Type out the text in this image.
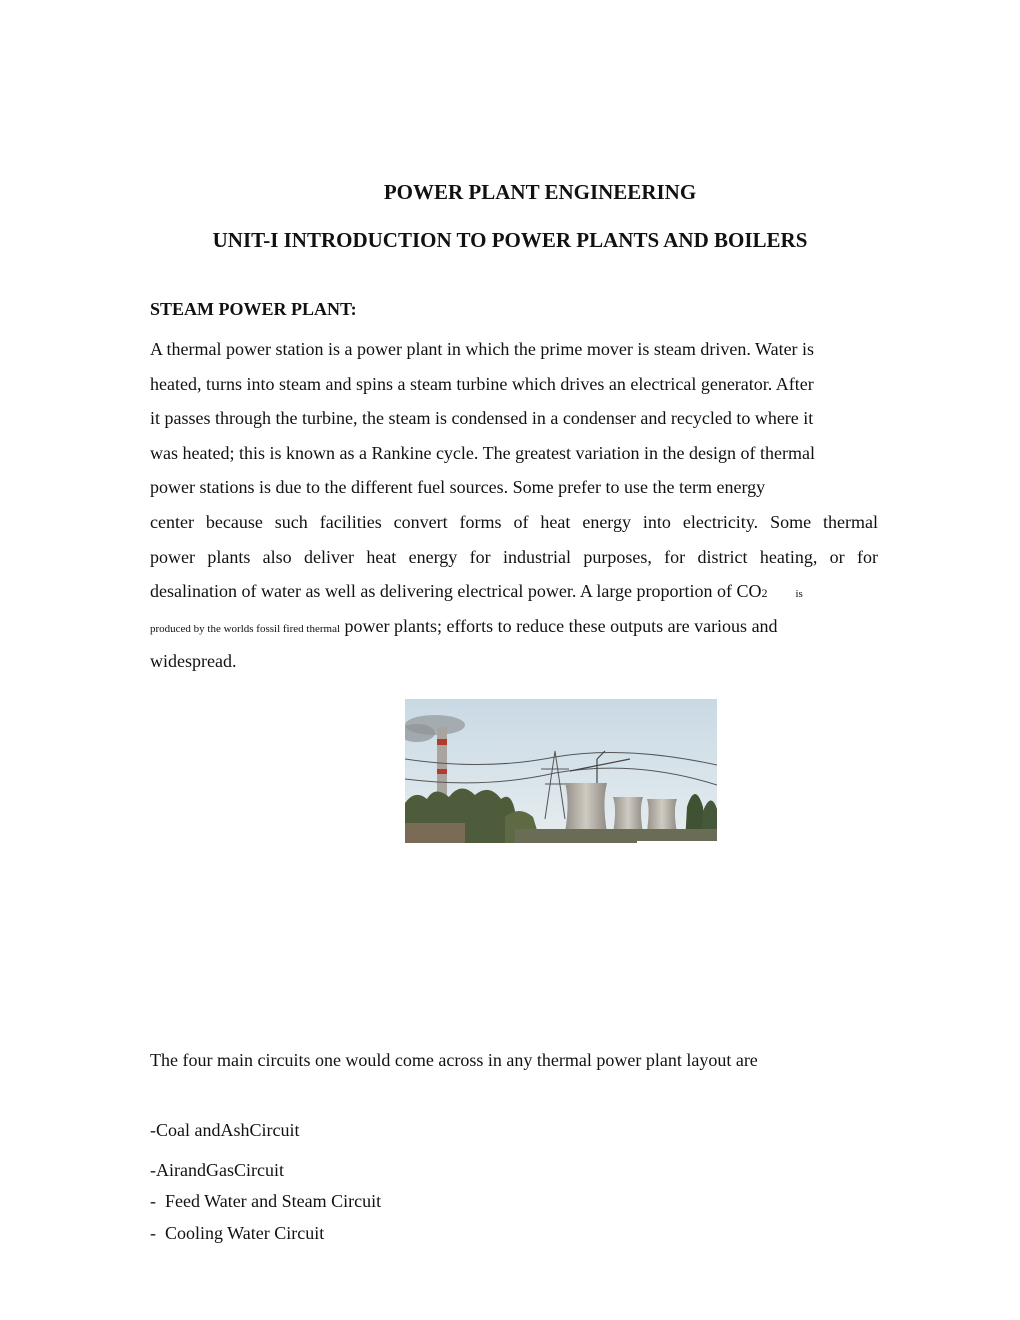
POWER PLANT ENGINEERING
UNIT-I INTRODUCTION TO POWER PLANTS AND BOILERS
STEAM POWER PLANT:

A thermal power station is a power plant in which the prime mover is steam driven. Water is

heated, turns into steam and spins a steam turbine which drives an electrical generator. After

it passes through the turbine, the steam is condensed in a condenser and recycled to where it

was heated; this is known as a Rankine cycle. The greatest variation in the design of thermal

power stations is due to the different fuel sources. Some prefer to use the term energy

center because such facilities convert forms of heat energy into electricity. Some thermal

power plants also deliver heat energy for industrial purposes, for district heating, or for

desalination of water as well as delivering electrical power. A large proportion of CO2	is

produced by the worlds fossil fired thermal power plants; efforts to reduce these outputs are various and

widespread.

The four main circuits one would come across in any thermal power plant layout are

-Coal andAshCircuit

-AirandGasCircuit

-  Feed Water and Steam Circuit

-  Cooling Water Circuit
